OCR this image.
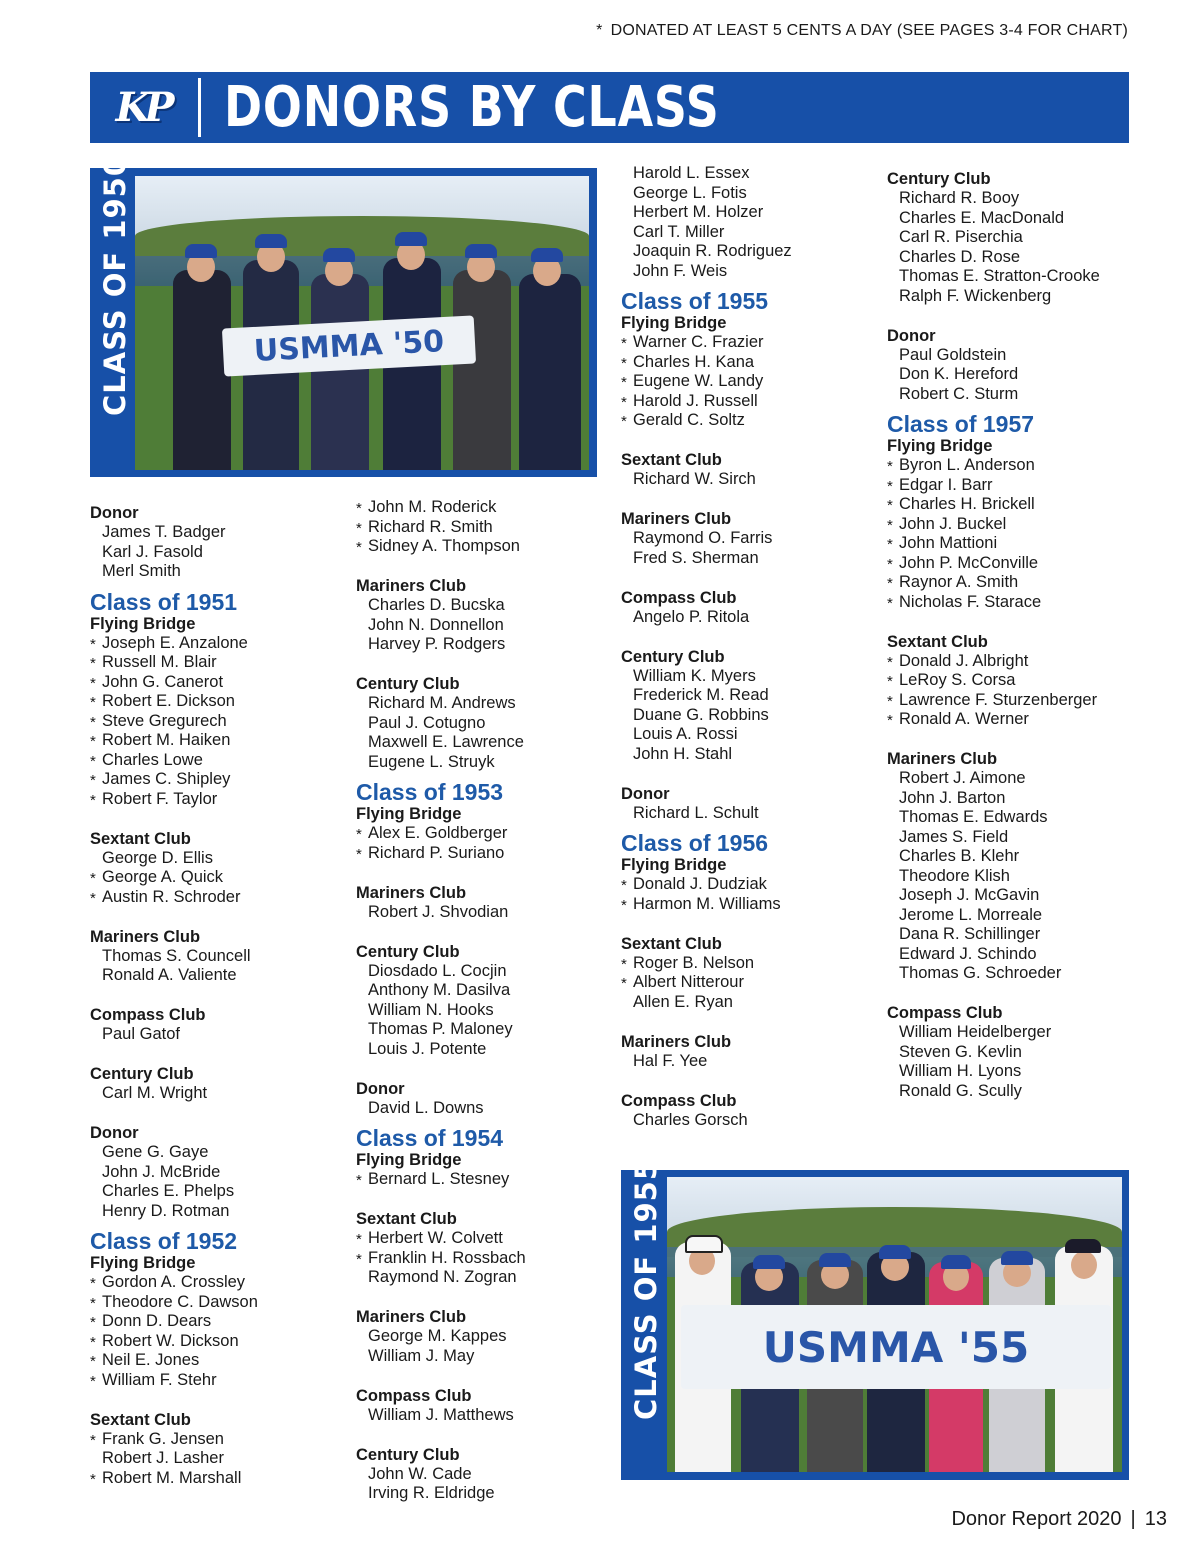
* DONATED AT LEAST 5 CENTS A DAY (SEE PAGES 3-4 FOR CHART)
KP DONORS BY CLASS
CLASS OF 1950	USMMA '50
CLASS OF 1955	USMMA '55
Donor
James T. Badger
Karl J. Fasold
Merl Smith
Class of 1951
Flying Bridge
* Joseph E. Anzalone
* Russell M. Blair
* John G. Canerot
* Robert E. Dickson
* Steve Gregurech
* Robert M. Haiken
* Charles Lowe
* James C. Shipley
* Robert F. Taylor
Sextant Club
George D. Ellis
* George A. Quick
* Austin R. Schroder
Mariners Club
Thomas S. Councell
Ronald A. Valiente
Compass Club
Paul Gatof
Century Club
Carl M. Wright
Donor
Gene G. Gaye
John J. McBride
Charles E. Phelps
Henry D. Rotman
Class of 1952
Flying Bridge
* Gordon A. Crossley
* Theodore C. Dawson
* Donn D. Dears
* Robert W. Dickson
* Neil E. Jones
* William F. Stehr
Sextant Club
* Frank G. Jensen
Robert J. Lasher
* Robert M. Marshall
* John M. Roderick
* Richard R. Smith
* Sidney A. Thompson
Mariners Club
Charles D. Bucska
John N. Donnellon
Harvey P. Rodgers
Century Club
Richard M. Andrews
Paul J. Cotugno
Maxwell E. Lawrence
Eugene L. Struyk
Class of 1953
Flying Bridge
* Alex E. Goldberger
* Richard P. Suriano
Mariners Club
Robert J. Shvodian
Century Club
Diosdado L. Cocjin
Anthony M. Dasilva
William N. Hooks
Thomas P. Maloney
Louis J. Potente
Donor
David L. Downs
Class of 1954
Flying Bridge
* Bernard L. Stesney
Sextant Club
* Herbert W. Colvett
* Franklin H. Rossbach
Raymond N. Zogran
Mariners Club
George M. Kappes
William J. May
Compass Club
William J. Matthews
Century Club
John W. Cade
Irving R. Eldridge
Harold L. Essex
George L. Fotis
Herbert M. Holzer
Carl T. Miller
Joaquin R. Rodriguez
John F. Weis
Class of 1955
Flying Bridge
* Warner C. Frazier
* Charles H. Kana
* Eugene W. Landy
* Harold J. Russell
* Gerald C. Soltz
Sextant Club
Richard W. Sirch
Mariners Club
Raymond O. Farris
Fred S. Sherman
Compass Club
Angelo P. Ritola
Century Club
William K. Myers
Frederick M. Read
Duane G. Robbins
Louis A. Rossi
John H. Stahl
Donor
Richard L. Schult
Class of 1956
Flying Bridge
* Donald J. Dudziak
* Harmon M. Williams
Sextant Club
* Roger B. Nelson
* Albert Nitterour
Allen E. Ryan
Mariners Club
Hal F. Yee
Compass Club
Charles Gorsch
Century Club
Richard R. Booy
Charles E. MacDonald
Carl R. Piserchia
Charles D. Rose
Thomas E. Stratton-Crooke
Ralph F. Wickenberg
Donor
Paul Goldstein
Don K. Hereford
Robert C. Sturm
Class of 1957
Flying Bridge
* Byron L. Anderson
* Edgar I. Barr
* Charles H. Brickell
* John J. Buckel
* John Mattioni
* John P. McConville
* Raynor A. Smith
* Nicholas F. Starace
Sextant Club
* Donald J. Albright
* LeRoy S. Corsa
* Lawrence F. Sturzenberger
* Ronald A. Werner
Mariners Club
Robert J. Aimone
John J. Barton
Thomas E. Edwards
James S. Field
Charles B. Klehr
Theodore Klish
Joseph J. McGavin
Jerome L. Morreale
Dana R. Schillinger
Edward J. Schindo
Thomas G. Schroeder
Compass Club
William Heidelberger
Steven G. Kevlin
William H. Lyons
Ronald G. Scully
Donor Report 2020 | 13
